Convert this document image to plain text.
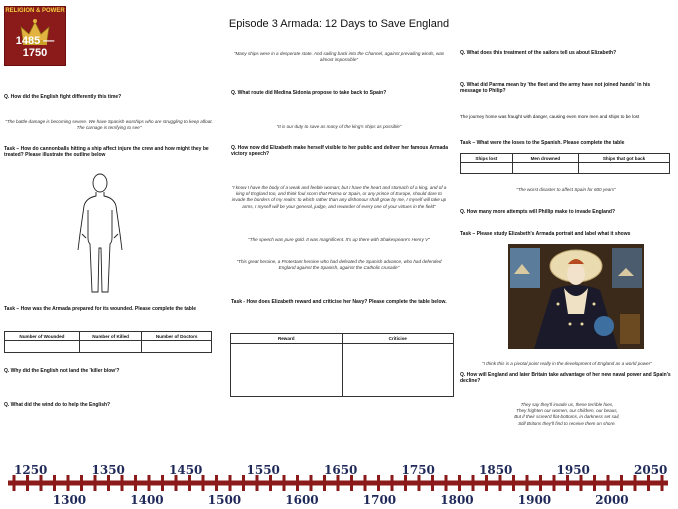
RELIGION & POWER
1485 — 1750
Episode 3 Armada: 12 Days to Save England
Q. How did the English fight differently this time?
"The battle damage is becoming severe. We have Spanish warships who are struggling to keep afloat. The carnage is terrifying to see"
Task – How do cannonballs hitting a ship affect injure the crew and how might they be treated? Please illustrate the outline below
Task – How was the Armada prepared for its wounded. Please complete the table
Number of Wounded	Number of Killed	Number of Doctors

Q. Why did the English not land the 'killer blow'?
Q. What did the wind do to help the English?
"Many ships were in a desperate state. And sailing back into the Channel, against prevailing winds, was almost impossible"
Q. What route did Medina Sidonia propose to take back to Spain?
"It is our duty to save as many of the king's ships as possible"
Q. How now did Elizabeth make herself visible to her public and deliver her famous Armada victory speech?
"I know I have the body of a weak and feeble woman; but I have the heart and stomach of a king, and of a king of England too, and think foul scorn that Parma or Spain, or any prince of Europe, should dare to invade the borders of my realm: to which rather than any dishonour shall grow by me, I myself will take up arms, I myself will be your general, judge, and rewarder of every one of your virtues in the field"
"The speech was pure gold. It was magnificent. It's up there with Shakespeare's Henry V"
"This great heroine, a Protestant heroine who had defeated the Spanish advance, who had defended England against the Spanish, against the Catholic crusade"
Task - How does Elizabeth reward and criticise her Navy? Please complete the table below.
Reward	Criticise

Q. What does this treatment of the sailors tell us about Elizabeth?
Q. What did Parma mean by 'the fleet and the army have not joined hands' in his message to Philip?
The journey home was fraught with danger, causing even more men and ships to be lost
Task – What were the loses to the Spanish. Please complete the table
Ships lost	Men drowned	Ships that got back

"The worst disaster to affect Spain for 600 years"
Q. How many more attempts will Phillip make to invade England?
Task – Please study Elizabeth's Armada portrait and label what it shows
"I think this is a pivotal point really in the development of England as a world power"
Q. How will England and later Britain take advantage of her new naval power and Spain's decline?
They say they'll invade us, these terrible foes,
They frighten our women, our children, our beaus,
But if their screw'd flat-bottoms, in darkness set sail,
Still Britons they'll find to receive them on shore.
1250	1350	1450	1550	1650	1750	1850	1950	2050
1300	1400	1500	1600	1700	1800	1900	2000
